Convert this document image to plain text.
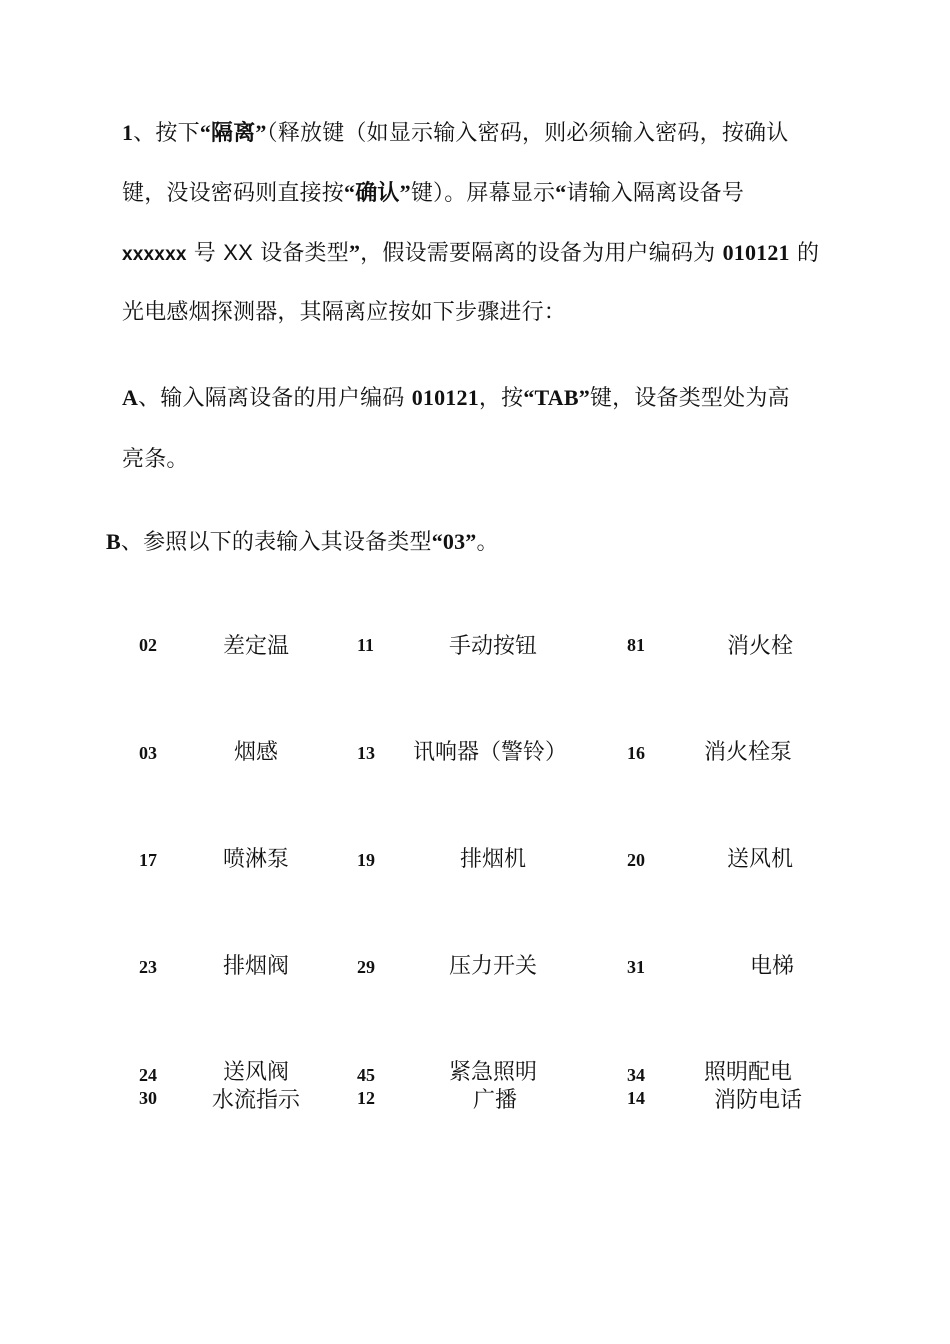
1、按下“隔离”（释放键（如显示输入密码，则必须输入密码，按确认
键，没设密码则直接按“确认”键）。屏幕显示“请输入隔离设备号
xxxxxx 号 XX 设备类型”，假设需要隔离的设备为用户编码为 010121 的
光电感烟探测器，其隔离应按如下步骤进行：
A、输入隔离设备的用户编码 010121，按“TAB”键，设备类型处为高
亮条。
B、参照以下的表输入其设备类型“03”。
02	差定温	11	手动按钮	81	消火栓
03	烟感	13	讯响器（警铃）	16	消火栓泵
17	喷淋泵	19	排烟机	20	送风机
23	排烟阀	29	压力开关	31	电梯
24	送风阀	45	紧急照明	34	照明配电
30	水流指示	12	广播	14	消防电话
